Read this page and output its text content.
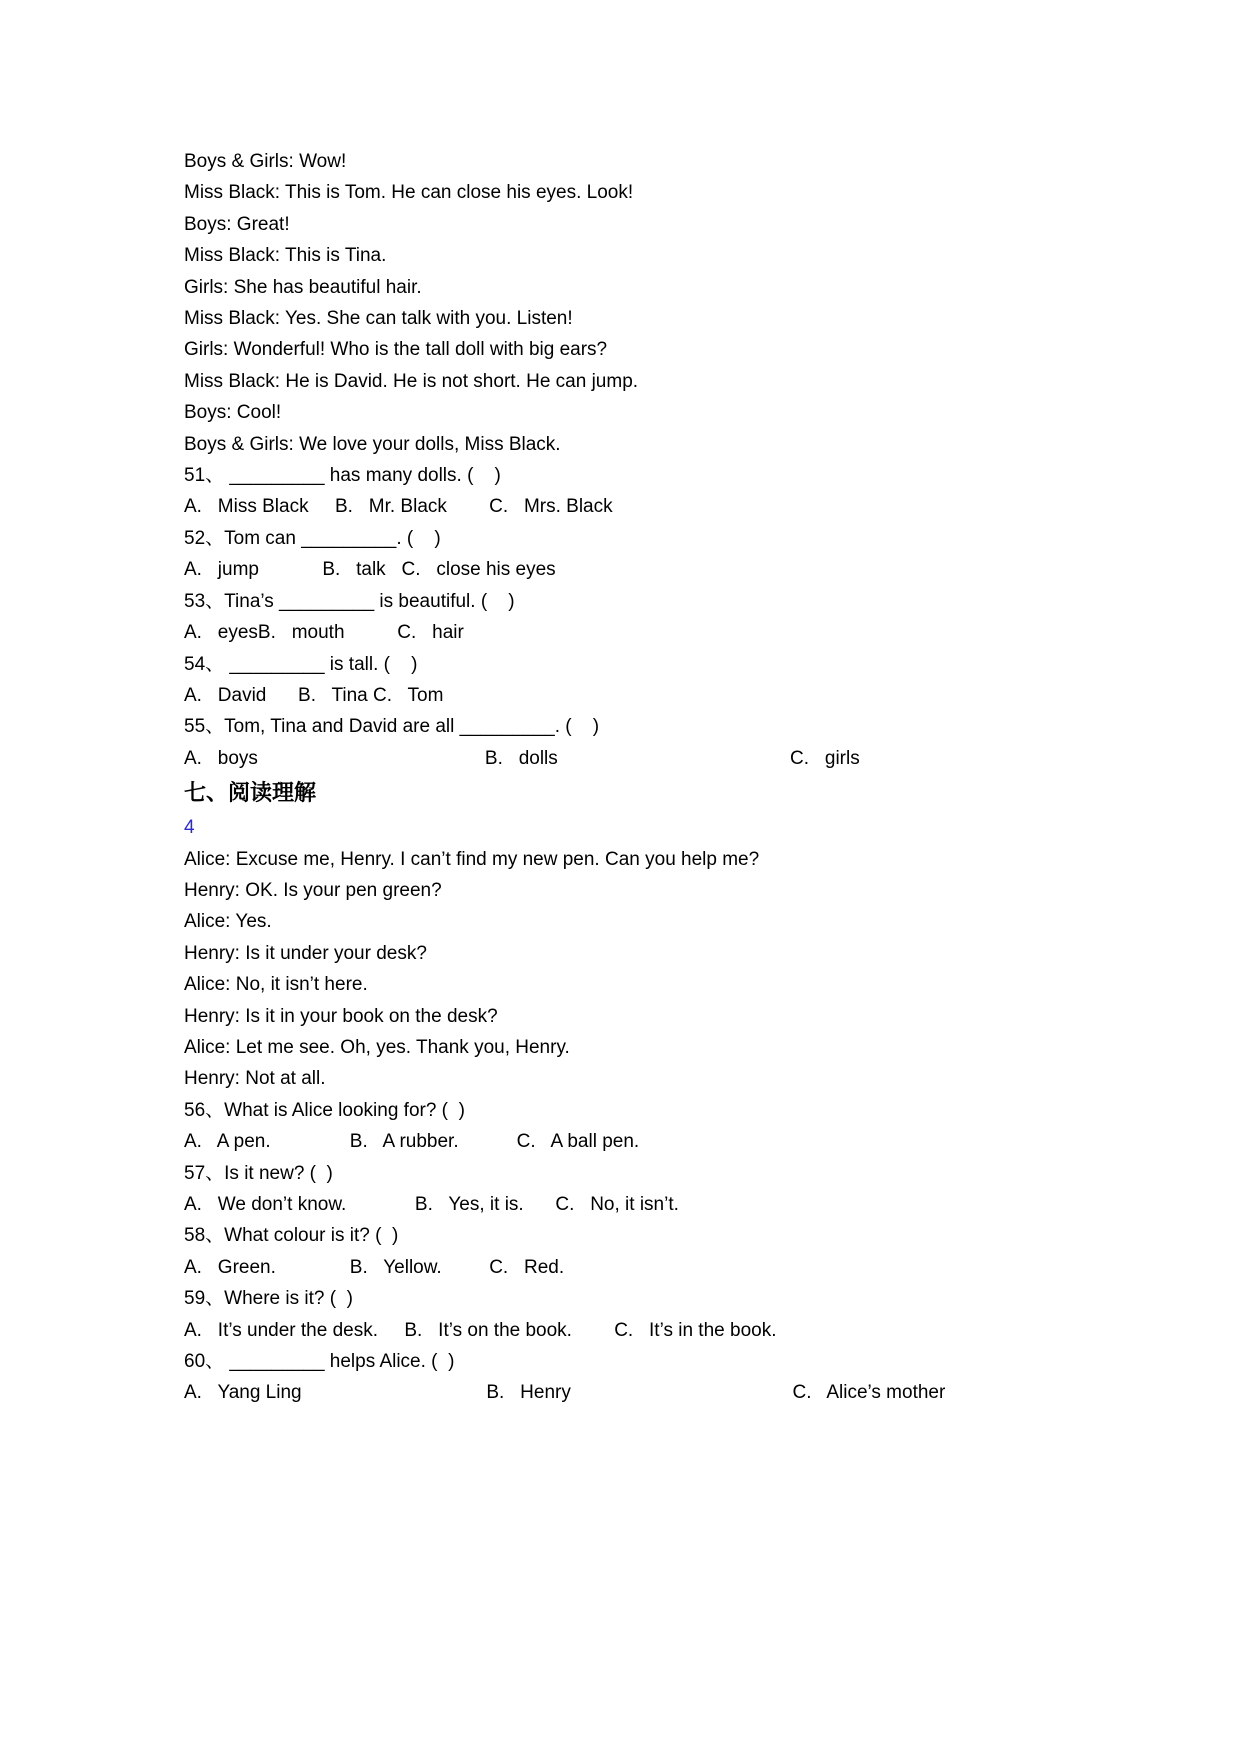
Boys & Girls: Wow!
Miss Black: This is Tom. He can close his eyes. Look!
Boys: Great!
Miss Black: This is Tina.
Girls: She has beautiful hair.
Miss Black: Yes. She can talk with you. Listen!
Girls: Wonderful! Who is the tall doll with big ears?
Miss Black: He is David. He is not short. He can jump.
Boys: Cool!
Boys & Girls: We love your dolls, Miss Black.
51、 _________ has many dolls. (    )
A.   Miss Black     B.   Mr. Black        C.   Mrs. Black
52、Tom can _________. (    )
A.   jump            B.   talk   C.   close his eyes
53、Tina’s _________ is beautiful. (    )
A.   eyesB.   mouth          C.   hair
54、 _________ is tall. (    )
A.   David      B.   Tina C.   Tom
55、Tom, Tina and David are all _________. (    )
A.   boys                                           B.   dolls                                            C.   girls
七、阅读理解
4
Alice: Excuse me, Henry. I can’t find my new pen. Can you help me?
Henry: OK. Is your pen green?
Alice: Yes.
Henry: Is it under your desk?
Alice: No, it isn’t here.
Henry: Is it in your book on the desk?
Alice: Let me see. Oh, yes. Thank you, Henry.
Henry: Not at all.
56、What is Alice looking for? (  )
A.   A pen.               B.   A rubber.           C.   A ball pen.
57、Is it new? (  )
A.   We don’t know.             B.   Yes, it is.      C.   No, it isn’t.
58、What colour is it? (  )
A.   Green.              B.   Yellow.         C.   Red.
59、Where is it? (  )
A.   It’s under the desk.     B.   It’s on the book.        C.   It’s in the book.
60、 _________ helps Alice. (  )
A.   Yang Ling                                   B.   Henry                                          C.   Alice’s mother
